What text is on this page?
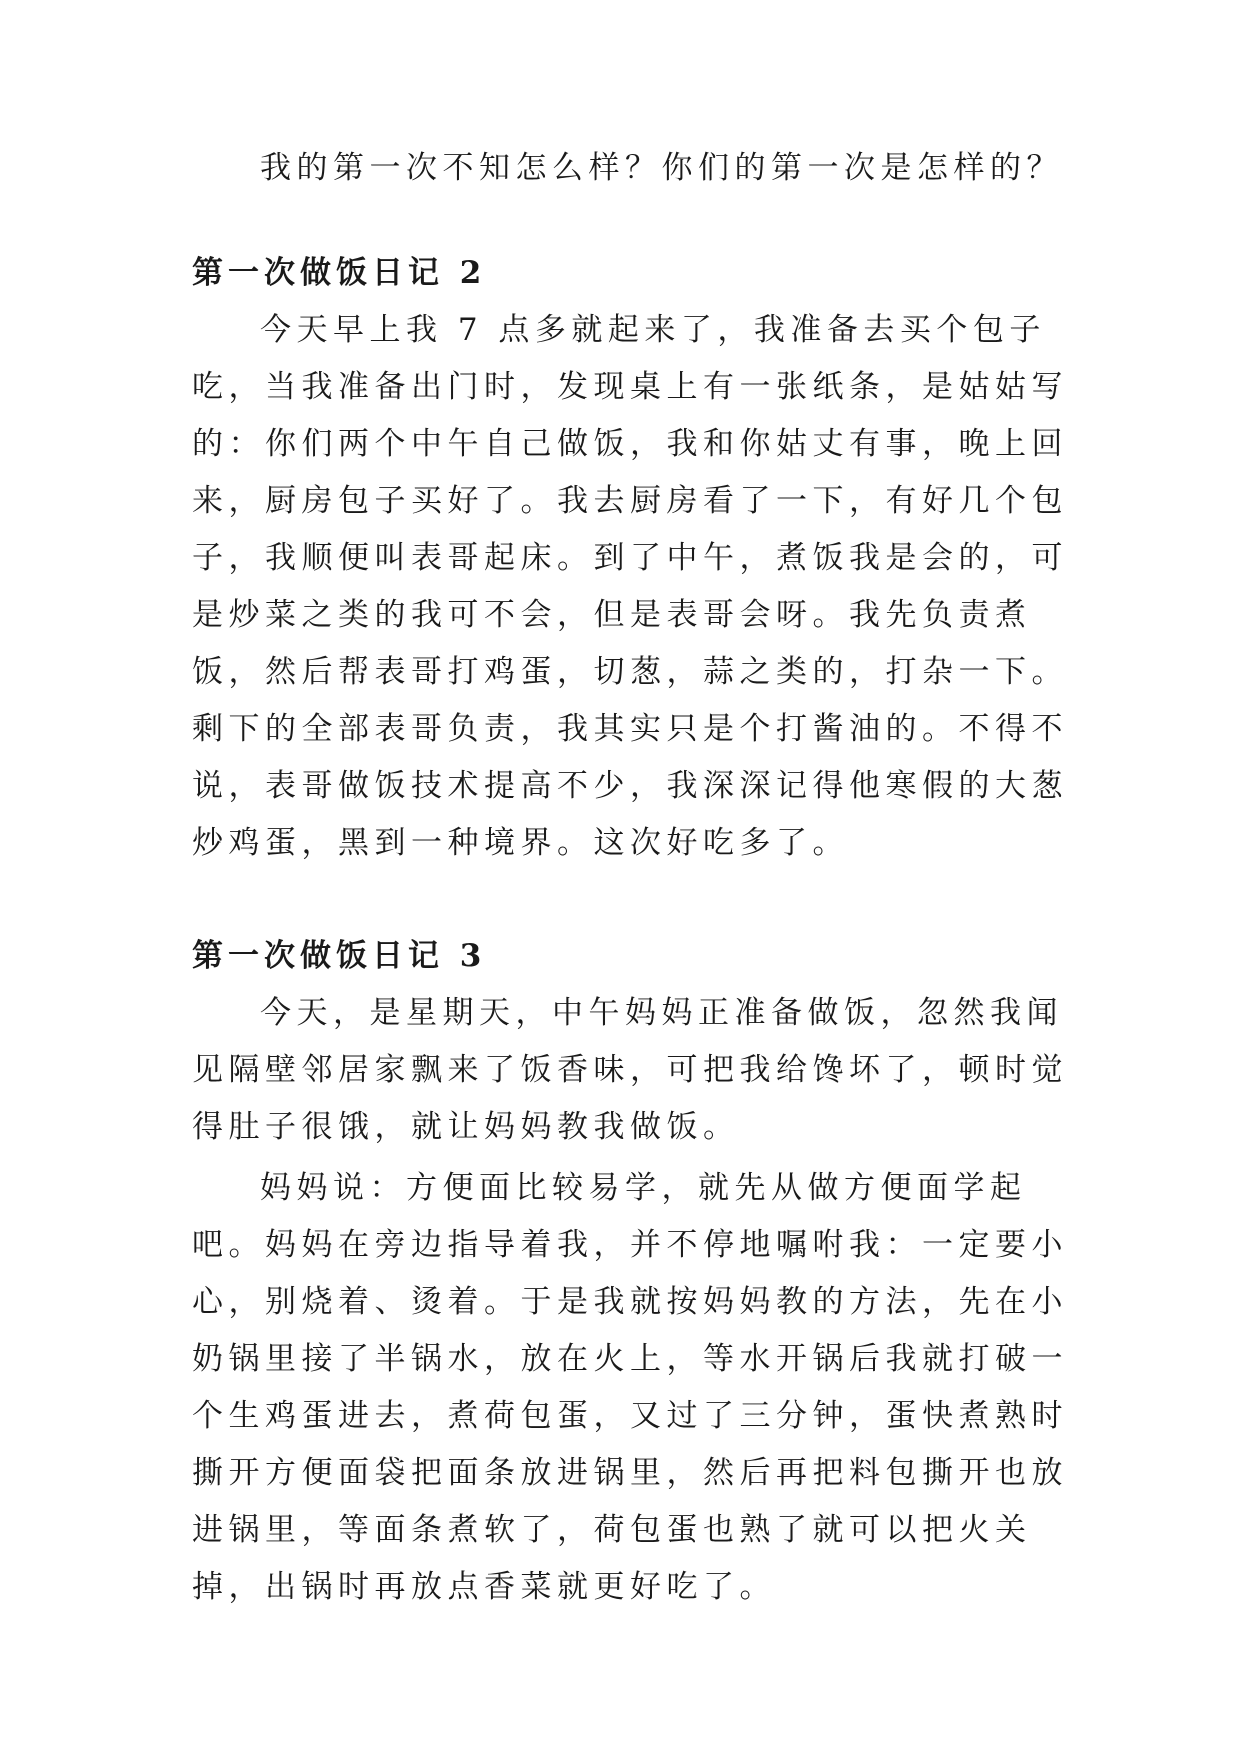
我的第一次不知怎么样？你们的第一次是怎样的？

第一次做饭日记 2

今天早上我 7 点多就起来了，我准备去买个包子吃，当我准备出门时，发现桌上有一张纸条，是姑姑写的：你们两个中午自己做饭，我和你姑丈有事，晚上回来，厨房包子买好了。我去厨房看了一下，有好几个包子，我顺便叫表哥起床。到了中午，煮饭我是会的，可是炒菜之类的我可不会，但是表哥会呀。我先负责煮饭，然后帮表哥打鸡蛋，切葱，蒜之类的，打杂一下。剩下的全部表哥负责，我其实只是个打酱油的。不得不说，表哥做饭技术提高不少，我深深记得他寒假的大葱炒鸡蛋，黑到一种境界。这次好吃多了。

第一次做饭日记 3

今天，是星期天，中午妈妈正准备做饭，忽然我闻见隔壁邻居家飘来了饭香味，可把我给馋坏了，顿时觉得肚子很饿，就让妈妈教我做饭。

妈妈说：方便面比较易学，就先从做方便面学起吧。妈妈在旁边指导着我，并不停地嘱咐我：一定要小心，别烧着、烫着。于是我就按妈妈教的方法，先在小奶锅里接了半锅水，放在火上，等水开锅后我就打破一个生鸡蛋进去，煮荷包蛋，又过了三分钟，蛋快煮熟时撕开方便面袋把面条放进锅里，然后再把料包撕开也放进锅里，等面条煮软了，荷包蛋也熟了就可以把火关掉，出锅时再放点香菜就更好吃了。
